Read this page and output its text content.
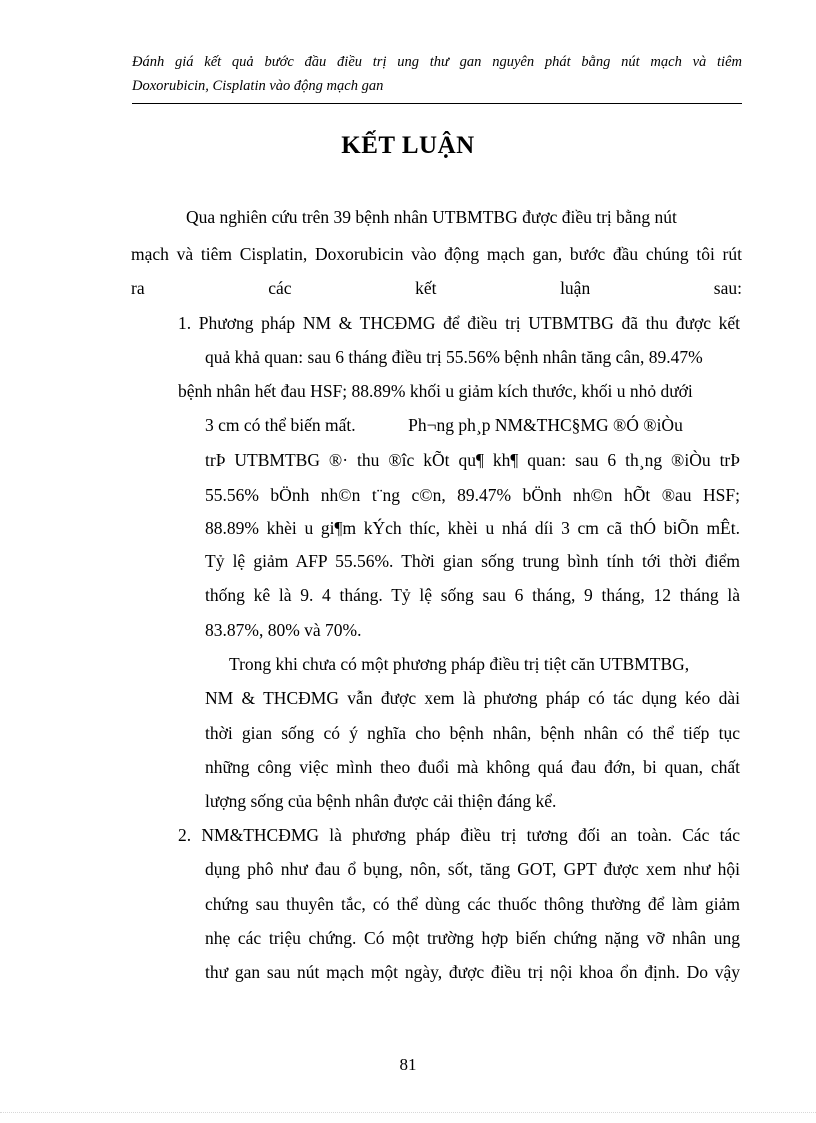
Đánh giá kết quả bước đầu điều trị ung thư gan nguyên phát bằng nút mạch và tiêm
Doxorubicin, Cisplatin vào động mạch gan
KẾT LUẬN
Qua nghiên cứu trên 39 bệnh nhân UTBMTBG được điều trị bằng nút
mạch và tiêm Cisplatin, Doxorubicin vào động mạch gan, bước đầu chúng tôi rút
ra các kết luận sau:
1. Phương pháp NM & THCĐMG để điều trị UTBMTBG đã thu được kết
quả khả quan: sau 6 tháng điều trị 55.56% bệnh nhân tăng cân, 89.47%
bệnh nhân hết đau HSF; 88.89% khối u giảm kích thước, khối u nhỏ dưới
3 cm có thể biến mất.            Ph¬ng ph¸p NM&THC§MG ®Ó ®iÒu
trÞ UTBMTBG ®· thu ®îc kÕt qu¶ kh¶ quan: sau 6 th¸ng ®iÒu trÞ
55.56% bÖnh nh©n t¨ng c©n, 89.47% bÖnh nh©n hÕt ®au HSF;
88.89% khèi u gi¶m kÝch thíc, khèi u nhá díi 3 cm cã thÓ biÕn mÊt.
Tỷ lệ giảm AFP 55.56%. Thời gian sống trung bình tính tới thời điểm
thống kê là 9. 4 tháng. Tỷ lệ sống sau 6 tháng, 9 tháng, 12 tháng là
83.87%, 80% và 70%.
Trong khi chưa có một phương pháp điều trị tiệt căn UTBMTBG,
NM & THCĐMG vẫn được xem là phương pháp có tác dụng kéo dài
thời gian sống có ý nghĩa cho bệnh nhân, bệnh nhân có thể tiếp tục
những công việc mình theo đuổi mà không quá đau đớn, bi quan, chất
lượng sống của bệnh nhân được cải thiện đáng kể.
2. NM&THCĐMG là phương pháp điều trị tương đối an toàn. Các tác
dụng phô như đau ổ bụng, nôn, sốt, tăng GOT, GPT được xem như hội
chứng sau thuyên tắc, có thể dùng các thuốc thông thường để làm giảm
nhẹ các triệu chứng. Có một trường hợp biến chứng nặng vỡ nhân ung
thư gan sau nút mạch một ngày, được điều trị nội khoa ổn định. Do vậy
81
